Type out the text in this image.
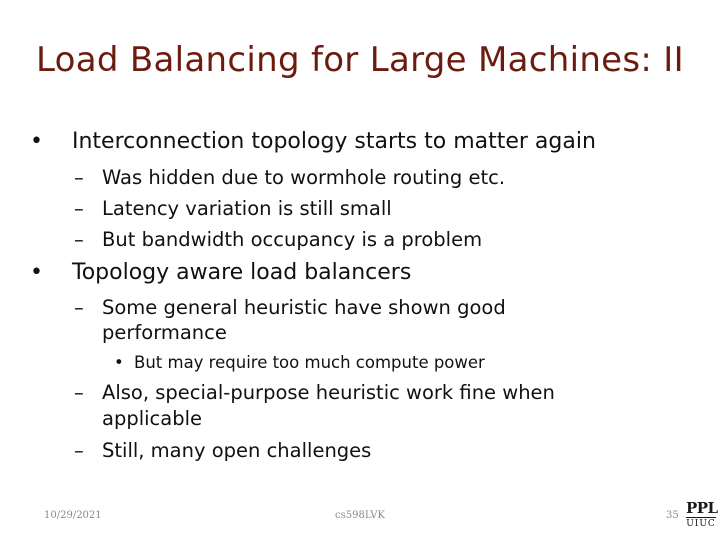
Load Balancing for Large Machines: II
• Interconnection topology starts to matter again
– Was hidden due to wormhole routing etc.
– Latency variation is still small
– But bandwidth occupancy is a problem
• Topology aware load balancers
– Some general heuristic have shown good
performance
• But may require too much compute power
– Also, special-purpose heuristic work fine when
applicable
– Still, many open challenges
10/29/2021	cs598LVK	35 PPL
UIUC
